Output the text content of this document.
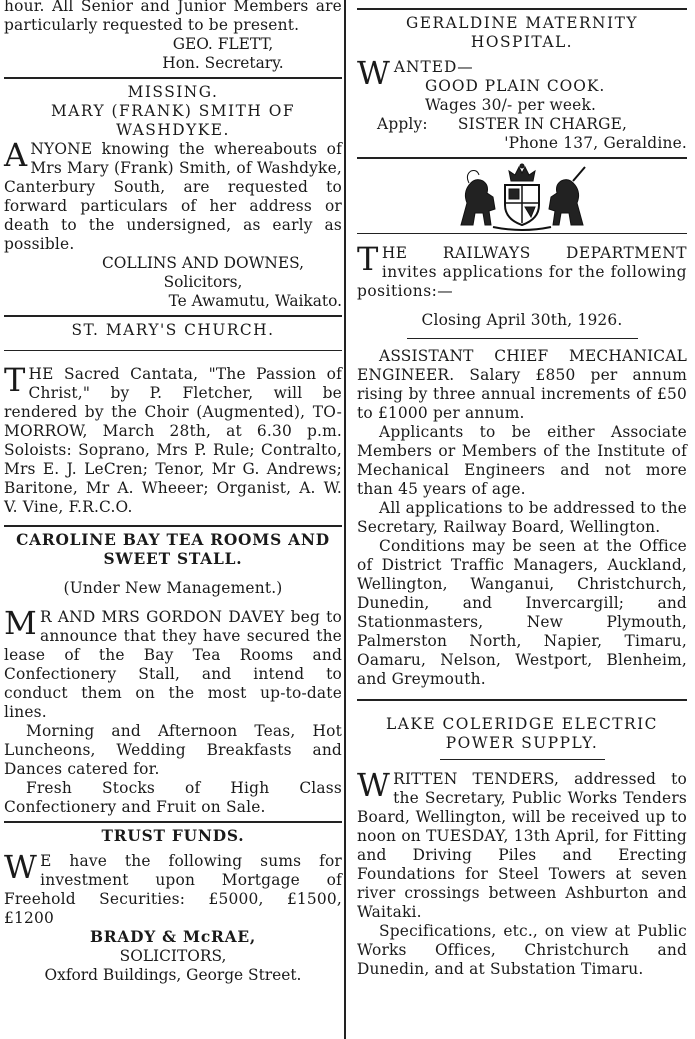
hour. All Senior and Junior Members are particularly requested to be present.

GEO. FLETT,

Hon. Secretary.

MISSING.

MARY (FRANK) SMITH OF WASHDYKE.

ANYONE knowing the whereabouts of Mrs Mary (Frank) Smith, of Washdyke, Canterbury South, are requested to forward particulars of her address or death to the undersigned, as early as possible.

COLLINS AND DOWNES,

Solicitors,

Te Awamutu, Waikato.

ST. MARY'S CHURCH.

THE Sacred Cantata, "The Passion of Christ," by P. Fletcher, will be rendered by the Choir (Augmented), TO-MORROW, March 28th, at 6.30 p.m. Soloists: Soprano, Mrs P. Rule; Contralto, Mrs E. J. LeCren; Tenor, Mr G. Andrews; Baritone, Mr A. Wheeer; Organist, A. W. V. Vine, F.R.C.O.

CAROLINE BAY TEA ROOMS AND SWEET STALL.

(Under New Management.)

M R AND MRS GORDON DAVEY beg to announce that they have secured the lease of the Bay Tea Rooms and Confectionery Stall, and intend to conduct them on the most up-to-date lines.

Morning and Afternoon Teas, Hot Luncheons, Wedding Breakfasts and Dances catered for.

Fresh Stocks of High Class Confectionery and Fruit on Sale.

TRUST FUNDS.

W E have the following sums for investment upon Mortgage of Freehold Securities: £5000, £1500, £1200

BRADY & McRAE,

SOLICITORS,

Oxford Buildings, George Street.

GERALDINE MATERNITY

HOSPITAL.

WANTED—

GOOD PLAIN COOK.

Wages 30/- per week.

Apply: SISTER IN CHARGE,

'Phone 137, Geraldine.

THE RAILWAYS DEPARTMENT invites applications for the following positions:—

Closing April 30th, 1926.

ASSISTANT CHIEF MECHANICAL ENGINEER. Salary £850 per annum rising by three annual increments of £50 to £1000 per annum.

Applicants to be either Associate Members or Members of the Institute of Mechanical Engineers and not more than 45 years of age.

All applications to be addressed to the Secretary, Railway Board, Wellington.

Conditions may be seen at the Office of District Traffic Managers, Auckland, Wellington, Wanganui, Christchurch, Dunedin, and Invercargill; and Stationmasters, New Plymouth, Palmerston North, Napier, Timaru, Oamaru, Nelson, Westport, Blenheim, and Greymouth.

LAKE COLERIDGE ELECTRIC

POWER SUPPLY.

WRITTEN TENDERS, addressed to the Secretary, Public Works Tenders Board, Wellington, will be received up to noon on TUESDAY, 13th April, for Fitting and Driving Piles and Erecting Foundations for Steel Towers at seven river crossings between Ashburton and Waitaki.

Specifications, etc., on view at Public Works Offices, Christchurch and Dunedin, and at Substation Timaru.
